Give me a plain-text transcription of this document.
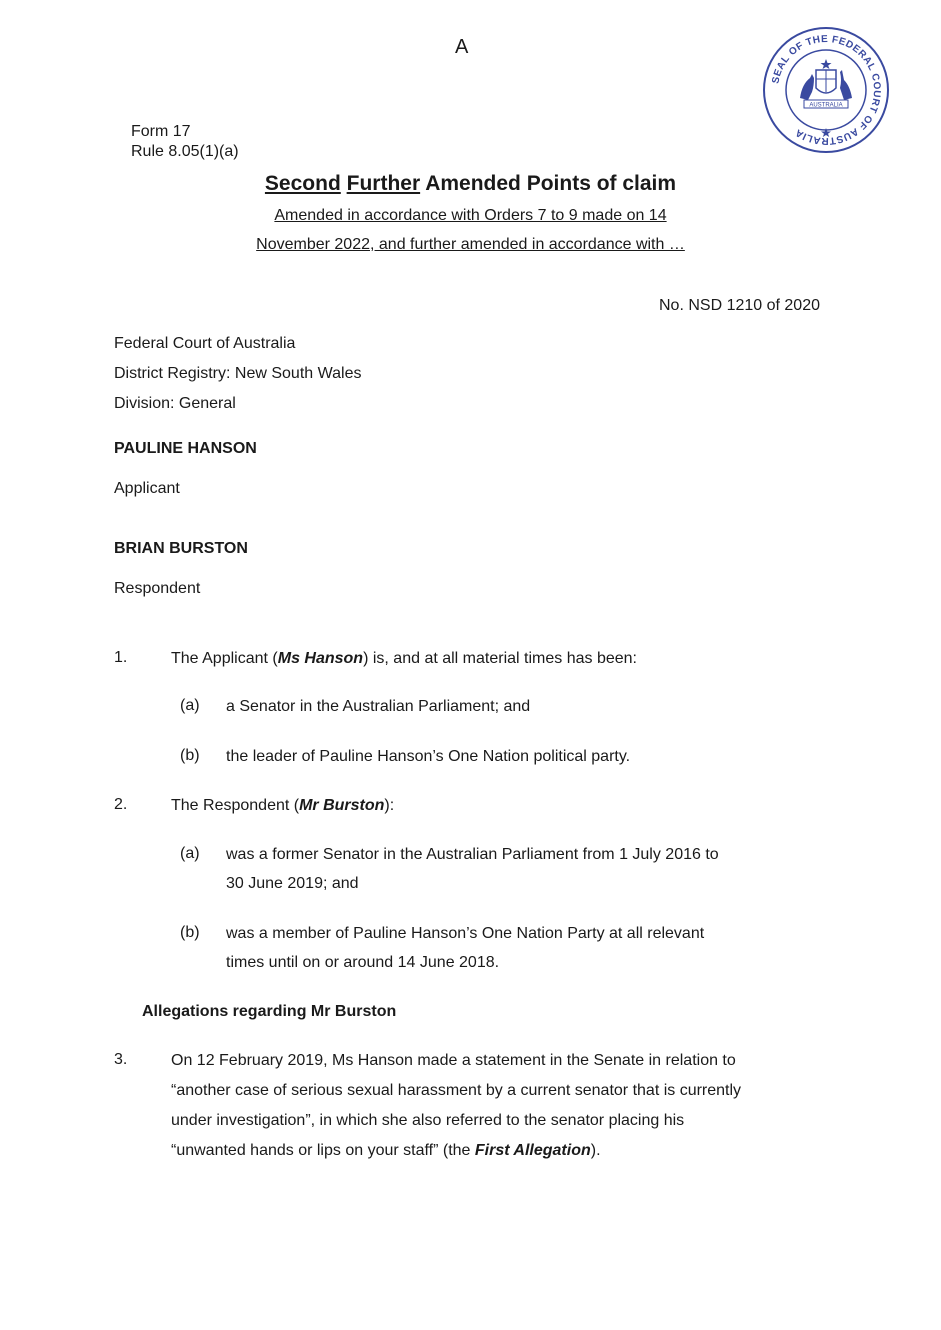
A
SEAL OF THE FEDERAL COURT OF AUSTRALIA
AUSTRALIA
Form 17
Rule 8.05(1)(a)
Second Further Amended Points of claim
Amended in accordance with Orders 7 to 9 made on 14
November 2022, and further amended in accordance with …
No. NSD 1210 of 2020
Federal Court of Australia
District Registry: New South Wales
Division: General
PAULINE HANSON
Applicant
BRIAN BURSTON
Respondent
1.	The Applicant (Ms Hanson) is, and at all material times has been:
(a) a Senator in the Australian Parliament; and
(b) the leader of Pauline Hanson’s One Nation political party.
2.	The Respondent (Mr Burston):
(a) was a former Senator in the Australian Parliament from 1 July 2016 to
30 June 2019; and
(b) was a member of Pauline Hanson’s One Nation Party at all relevant
times until on or around 14 June 2018.
Allegations regarding Mr Burston
3.	On 12 February 2019, Ms Hanson made a statement in the Senate in relation to
“another case of serious sexual harassment by a current senator that is currently
under investigation”, in which she also referred to the senator placing his
“unwanted hands or lips on your staff” (the First Allegation).
